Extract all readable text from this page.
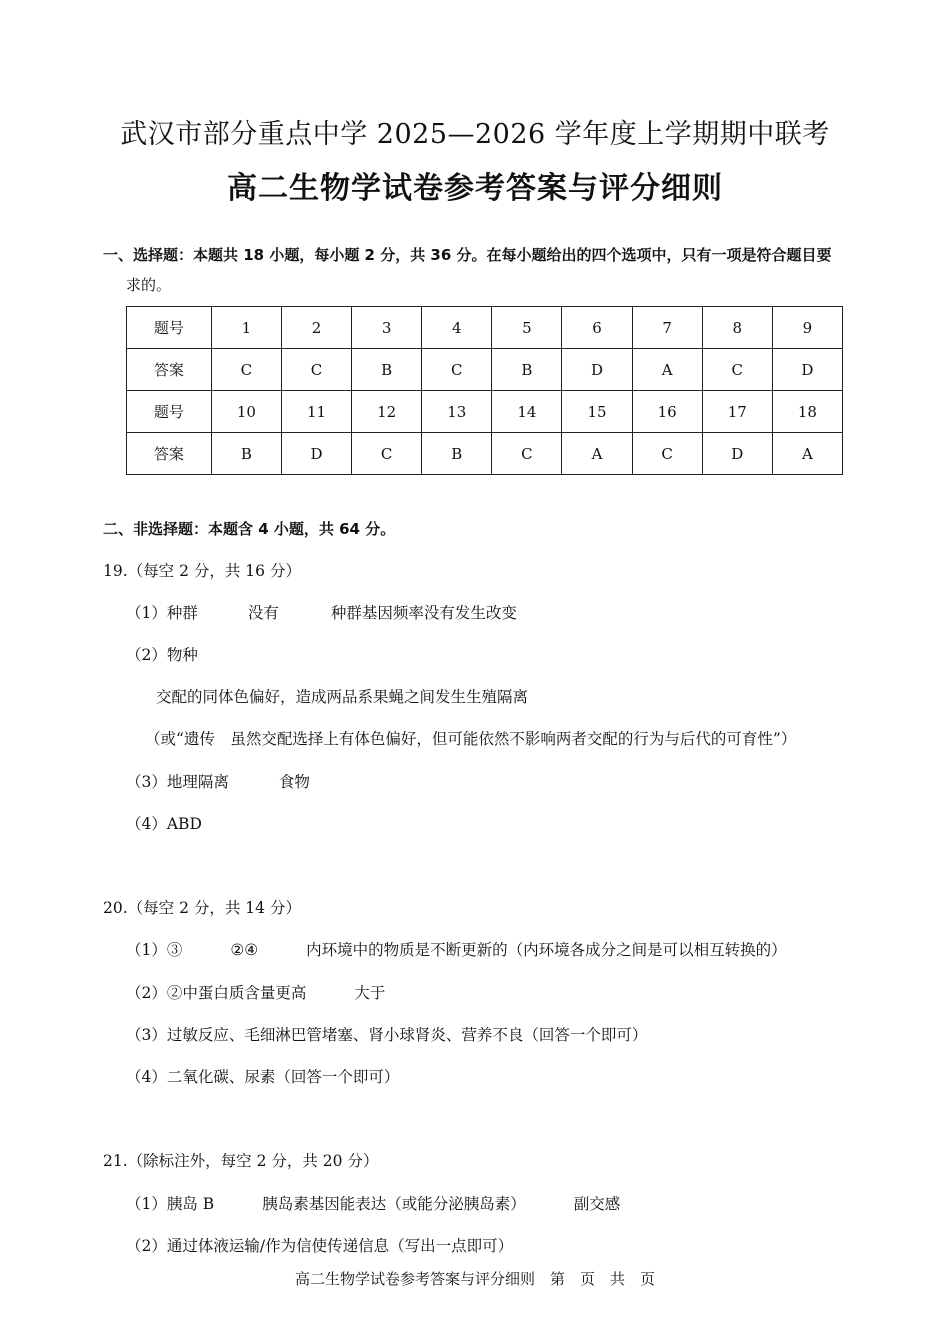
武汉市部分重点中学 2025—2026 学年度上学期期中联考
高二生物学试卷参考答案与评分细则
一、选择题：本题共 18 小题，每小题 2 分，共 36 分。在每小题给出的四个选项中，只有一项是符合题目要
求的。
题号	1	2	3	4	5	6	7	8	9
答案	C	C	B	C	B	D	A	C	D
题号	10	11	12	13	14	15	16	17	18
答案	B	D	C	B	C	A	C	D	A
二、非选择题：本题含 4 小题，共 64 分。
19.（每空 2 分，共 16 分）
（1）种群	没有	种群基因频率没有发生改变
（2）物种
交配的同体色偏好，造成两品系果蝇之间发生生殖隔离
（或“遗传　虽然交配选择上有体色偏好，但可能依然不影响两者交配的行为与后代的可育性”）
（3）地理隔离	食物
（4）ABD
20.（每空 2 分，共 14 分）
（1）③	②④	内环境中的物质是不断更新的（内环境各成分之间是可以相互转换的）
（2）②中蛋白质含量更高	大于
（3）过敏反应、毛细淋巴管堵塞、肾小球肾炎、营养不良（回答一个即可）
（4）二氧化碳、尿素（回答一个即可）
21.（除标注外，每空 2 分，共 20 分）
（1）胰岛 B	胰岛素基因能表达（或能分泌胰岛素）	副交感
（2）通过体液运输/作为信使传递信息（写出一点即可）
高二生物学试卷参考答案与评分细则　第　页　共　页
